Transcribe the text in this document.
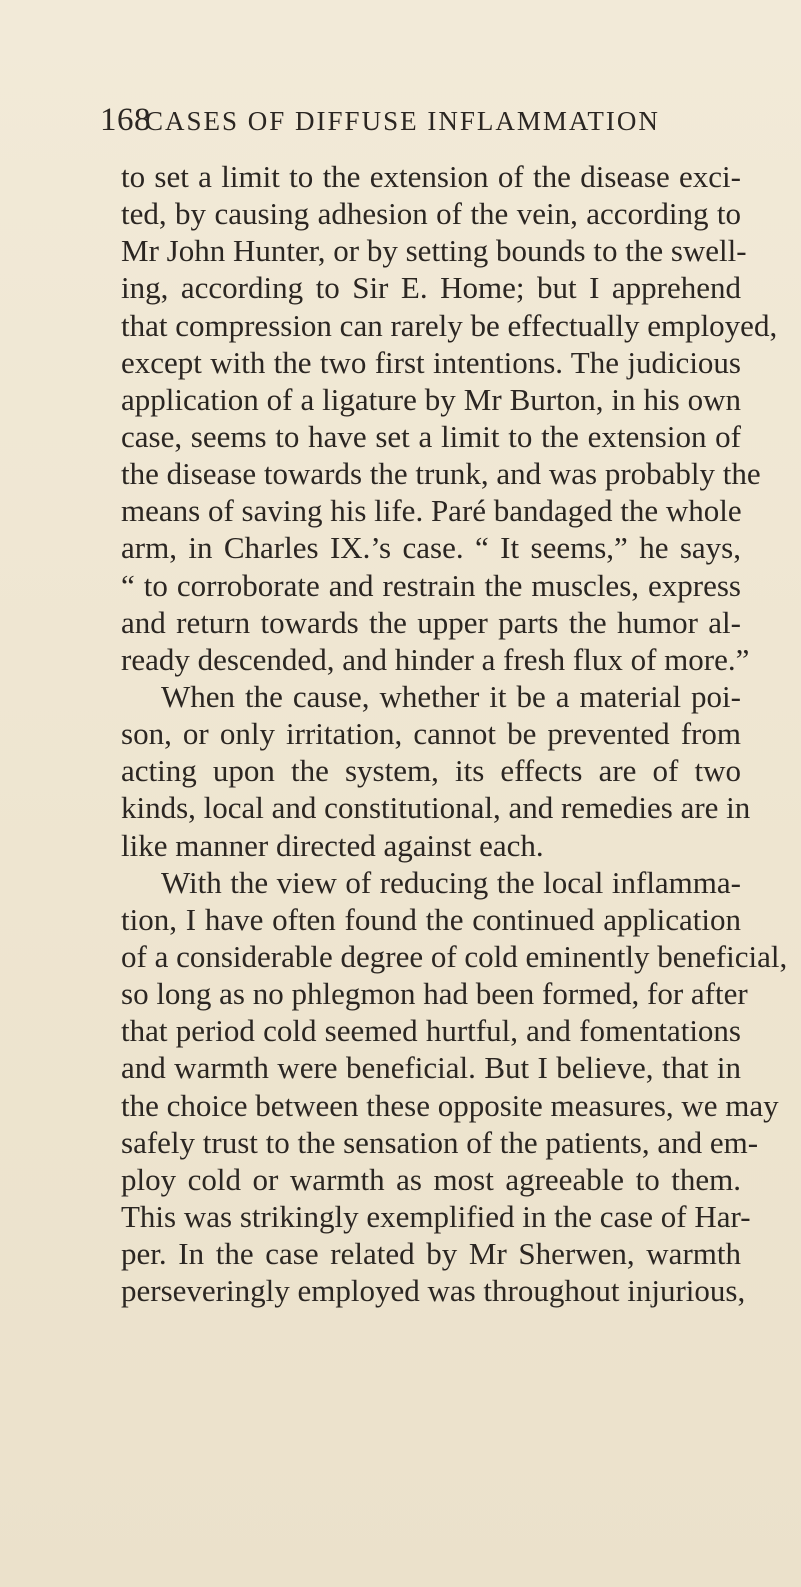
168
CASES OF DIFFUSE INFLAMMATION
to set a limit to the extension of the disease exci-
ted, by causing adhesion of the vein, according to
Mr John Hunter, or by setting bounds to the swell-
ing, according to Sir E. Home; but I apprehend
that compression can rarely be effectually employed,
except with the two first intentions. The judicious
application of a ligature by Mr Burton, in his own
case, seems to have set a limit to the extension of
the disease towards the trunk, and was probably the
means of saving his life. Paré bandaged the whole
arm, in Charles IX.’s case. “ It seems,” he says,
“ to corroborate and restrain the muscles, express
and return towards the upper parts the humor al-
ready descended, and hinder a fresh flux of more.”
When the cause, whether it be a material poi-
son, or only irritation, cannot be prevented from
acting upon the system, its effects are of two
kinds, local and constitutional, and remedies are in
like manner directed against each.
With the view of reducing the local inflamma-
tion, I have often found the continued application
of a considerable degree of cold eminently beneficial,
so long as no phlegmon had been formed, for after
that period cold seemed hurtful, and fomentations
and warmth were beneficial. But I believe, that in
the choice between these opposite measures, we may
safely trust to the sensation of the patients, and em-
ploy cold or warmth as most agreeable to them.
This was strikingly exemplified in the case of Har-
per. In the case related by Mr Sherwen, warmth
perseveringly employed was throughout injurious,
